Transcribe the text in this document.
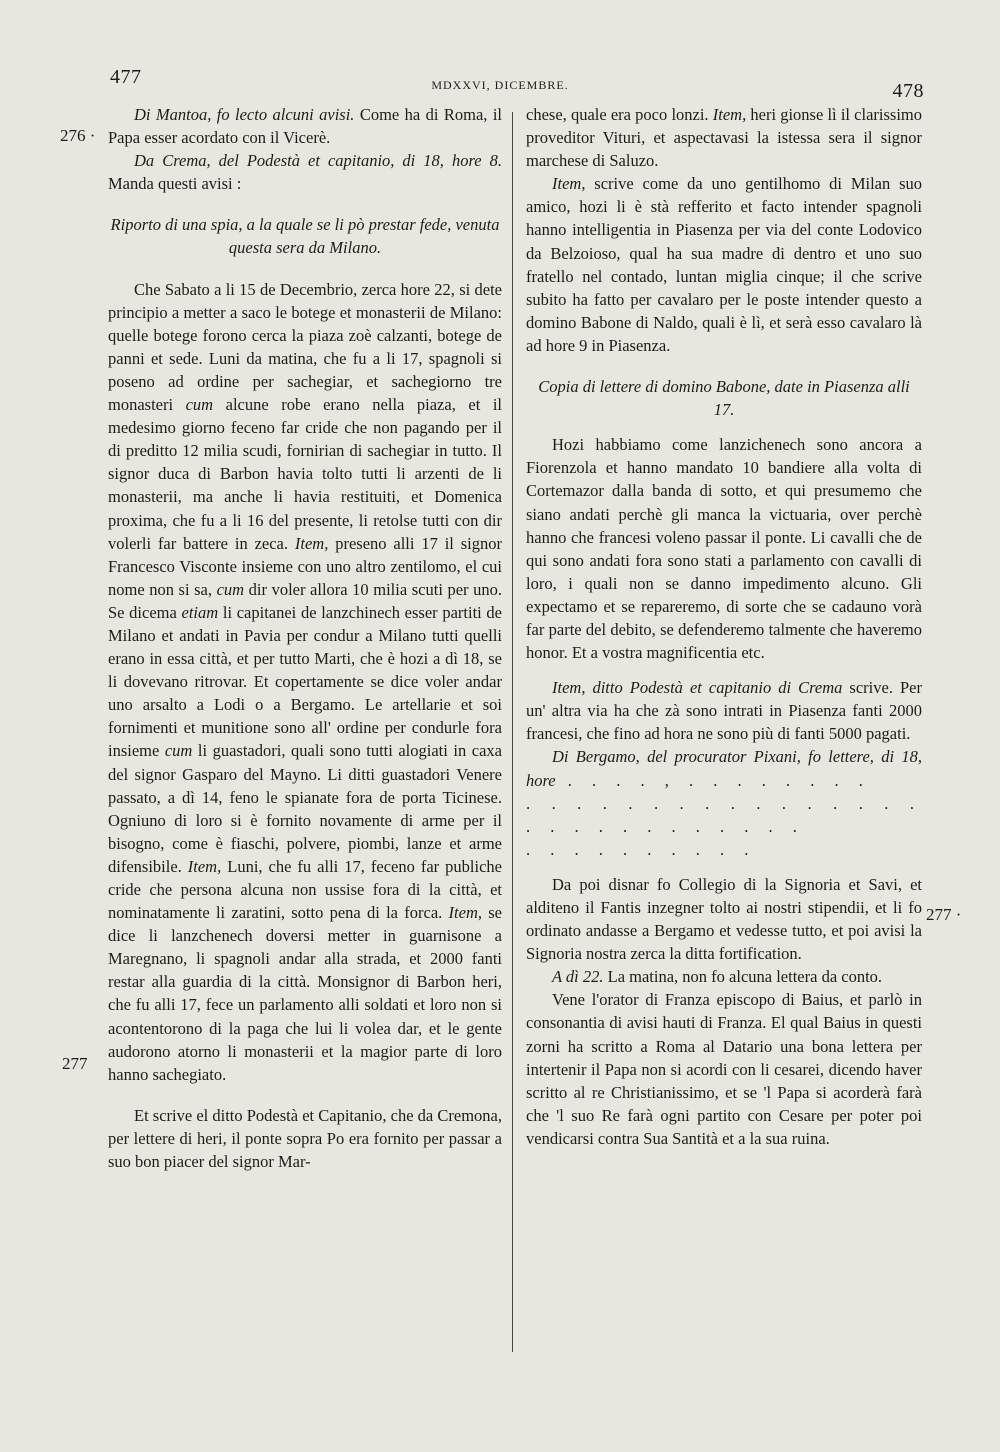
477	MDXXVI, DICEMBRE.	478
276 ·
277
277 ·

Di Mantoa, fo lecto alcuni avisi. Come ha di Roma, il Papa esser acordato con il Vicerè.

Da Crema, del Podestà et capitanio, di 18, hore 8. Manda questi avisi :

Riporto di una spia, a la quale se li pò prestar fede, venuta questa sera da Milano.

Che Sabato a li 15 de Decembrio, zerca hore 22, si dete principio a metter a saco le botege et monasterii de Milano: quelle botege forono cerca la piaza zoè calzanti, botege de panni et sede. Luni da matina, che fu a li 17, spagnoli si poseno ad ordine per sachegiar, et sachegiorno tre monasteri cum alcune robe erano nella piaza, et il medesimo giorno feceno far cride che non pagando per il di preditto 12 milia scudi, fornirian di sachegiar in tutto. Il signor duca di Barbon havia tolto tutti li arzenti de li monasterii, ma anche li havia restituiti, et Domenica proxima, che fu a li 16 del presente, li retolse tutti con dir volerli far battere in zeca. Item, preseno alli 17 il signor Francesco Visconte insieme con uno altro zentilomo, el cui nome non si sa, cum dir voler allora 10 milia scuti per uno. Se dicema etiam li capitanei de lanzchinech esser partiti de Milano et andati in Pavia per condur a Milano tutti quelli erano in essa città, et per tutto Marti, che è hozi a dì 18, se li dovevano ritrovar. Et copertamente se dice voler andar uno arsalto a Lodi o a Bergamo. Le artellarie et soi fornimenti et munitione sono all' ordine per condurle fora insieme cum li guastadori, quali sono tutti alogiati in caxa del signor Gasparo del Mayno. Li ditti guastadori Venere passato, a dì 14, feno le spianate fora de porta Ticinese. Ogniuno di loro si è fornito novamente di arme per il bisogno, come è fiaschi, polvere, piombi, lanze et arme difensibile. Item, Luni, che fu alli 17, feceno far publiche cride che persona alcuna non ussise fora di la città, et nominatamente li zaratini, sotto pena di la forca. Item, se dice li lanzchenech doversi metter in guarnisone a Maregnano, li spagnoli andar alla strada, et 2000 fanti restar alla guardia di la città. Monsignor di Barbon heri, che fu alli 17, fece un parlamento alli soldati et loro non si acontentorono di la paga che lui li volea dar, et le gente audorono atorno li monasterii et la magior parte di loro hanno sachegiato.

Et scrive el ditto Podestà et Capitanio, che da Cremona, per lettere di heri, il ponte sopra Po era fornito per passar a suo bon piacer del signor Mar-

chese, quale era poco lonzi. Item, heri gionse lì il clarissimo proveditor Vituri, et aspectavasi la istessa sera il signor marchese di Saluzo.

Item, scrive come da uno gentilhomo di Milan suo amico, hozi li è stà refferito et facto intender spagnoli hanno intelligentia in Piasenza per via del conte Lodovico da Belzoioso, qual ha sua madre di dentro et uno suo fratello nel contado, luntan miglia cinque; il che scrive subito ha fatto per cavalaro per le poste intender questo a domino Babone di Naldo, quali è lì, et serà esso cavalaro là ad hore 9 in Piasenza.

Copia di lettere di domino Babone, date in Piasenza alli 17.

Hozi habbiamo come lanzichenech sono ancora a Fiorenzola et hanno mandato 10 bandiere alla volta di Cortemazor dalla banda di sotto, et qui presumemo che siano andati perchè gli manca la victuaria, over perchè hanno che francesi voleno passar il ponte. Li cavalli che de qui sono andati fora sono stati a parlamento con cavalli di loro, i quali non se danno impedimento alcuno. Gli expectamo et se repareremo, di sorte che se cadauno vorà far parte del debito, se defenderemo talmente che haveremo honor. Et a vostra magnificentia etc.

Item, ditto Podestà et capitanio di Crema scrive. Per un' altra via ha che zà sono intrati in Piasenza fanti 2000 francesi, che fino ad hora ne sono più di fanti 5000 pagati.

Di Bergamo, del procurator Pixani, fo lettere, di 18, hore . . . . , . . . . . . . .
. . . . . . . . . . . . . . . . . . . . . . . . . . . .
. . . . . . . . . .

Da poi disnar fo Collegio di la Signoria et Savi, et alditeno il Fantis inzegner tolto ai nostri stipendii, et li fo ordinato andasse a Bergamo et vedesse tutto, et poi avisi la Signoria nostra zerca la ditta fortification.

A dì 22. La matina, non fo alcuna lettera da conto.

Vene l'orator di Franza episcopo di Baius, et parlò in consonantia di avisi hauti di Franza. El qual Baius in questi zorni ha scritto a Roma al Datario una bona lettera per intertenir il Papa non si acordi con li cesarei, dicendo haver scritto al re Christianissimo, et se 'l Papa si acorderà farà che 'l suo Re farà ogni partito con Cesare per poter poi vendicarsi contra Sua Santità et a la sua ruina.
